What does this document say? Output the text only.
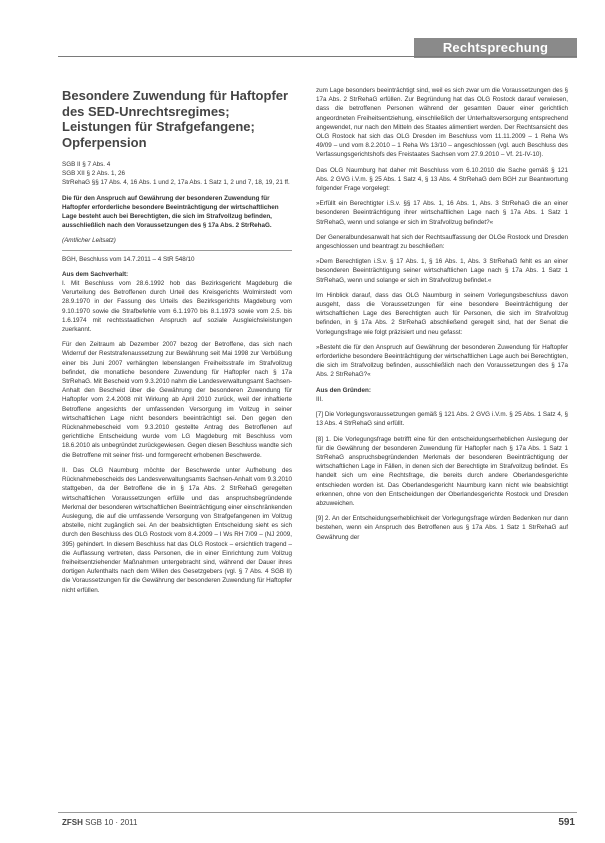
Rechtsprechung
Besondere Zuwendung für Haftopfer des SED-Unrechtsregimes; Leistungen für Strafgefangene; Opferpension

SGB II § 7 Abs. 4

SGB XII § 2 Abs. 1, 26

StrRehaG §§ 17 Abs. 4, 16 Abs. 1 und 2, 17a Abs. 1 Satz 1, 2 und 7, 18, 19, 21 ff.

Die für den Anspruch auf Gewährung der besonderen Zuwendung für Haftopfer erforderliche besondere Beeinträchtigung der wirtschaftlichen Lage besteht auch bei Berechtigten, die sich im Strafvollzug befinden, ausschließlich nach den Voraussetzungen des § 17a Abs. 2 StrRehaG.

(Amtlicher Leitsatz)

BGH, Beschluss vom 14.7.2011 – 4 StR 548/10

Aus dem Sachverhalt:

I. Mit Beschluss vom 28.6.1992 hob das Bezirksgericht Magdeburg die Verurteilung des Betroffenen durch Urteil des Kreisgerichts Wolmirstedt vom 28.9.1970 in der Fassung des Urteils des Bezirksgerichts Magdeburg vom 9.10.1970 sowie die Strafbefehle vom 6.1.1970 bis 8.1.1973 sowie vom 2.5. bis 1.6.1974 mit rechtsstaatlichen Anspruch auf soziale Ausgleichsleistungen zuerkannt.

Für den Zeitraum ab Dezember 2007 bezog der Betroffene, das sich nach Widerruf der Reststrafenaussetzung zur Bewährung seit Mai 1998 zur Verbüßung einer bis Juni 2007 verhängten lebenslangen Freiheitsstrafe im Strafvollzug befindet, die monatliche besondere Zuwendung für Haftopfer nach § 17a StrRehaG. Mit Bescheid vom 9.3.2010 nahm die Landesverwaltungsamt Sachsen-Anhalt den Bescheid über die Gewährung der besonderen Zuwendung für Haftopfer vom 2.4.2008 mit Wirkung ab April 2010 zurück, weil der inhaftierte Betroffene angesichts der umfassenden Versorgung im Vollzug in seiner wirtschaftlichen Lage nicht besonders beeinträchtigt sei. Den gegen den Rücknahmebescheid vom 9.3.2010 gestellte Antrag des Betroffenen auf gerichtliche Entscheidung wurde vom LG Magdeburg mit Beschluss vom 18.6.2010 als unbegründet zurückgewiesen. Gegen diesen Beschluss wandte sich die Betroffene mit seiner frist- und formgerecht erhobenen Beschwerde.

II. Das OLG Naumburg möchte der Beschwerde unter Aufhebung des Rücknahmebescheids des Landesverwaltungsamts Sachsen-Anhalt vom 9.3.2010 stattgeben, da der Betroffene die in § 17a Abs. 2 StrRehaG geregelten wirtschaftlichen Voraussetzungen erfülle und das anspruchsbegründende Merkmal der besonderen wirtschaftlichen Beeinträchtigung einer einschränkenden Auslegung, die auf die umfassende Versorgung von Strafgefangenen im Vollzug abstelle, nicht zugänglich sei. An der beabsichtigten Entscheidung sieht es sich durch den Beschluss des OLG Rostock vom 8.4.2009 – I Ws RH 7/09 – (NJ 2009, 395) gehindert. In diesem Beschluss hat das OLG Rostock – ersichtlich tragend – die Auffassung vertreten, dass Personen, die in einer Einrichtung zum Vollzug freiheitsentziehender Maßnahmen untergebracht sind, während der Dauer ihres dortigen Aufenthalts nach dem Willen des Gesetzgebers (vgl. § 7 Abs. 4 SGB II) die Voraussetzungen für die Gewährung der besonderen Zuwendung für Haftopfer nicht erfüllen.

zum Lage besonders beeinträchtigt sind, weil es sich zwar um die Voraussetzungen des § 17a Abs. 2 StrRehaG erfüllen. Zur Begründung hat das OLG Rostock darauf verwiesen, dass die betroffenen Personen während der gesamten Dauer einer gerichtlich angeordneten Freiheitsentziehung, einschließlich der Unterhaltsversorgung entsprechend angewendet, nur nach den Mitteln des Staates alimentiert werden. Der Rechtsansicht des OLG Rostock hat sich das OLG Dresden im Beschluss vom 11.11.2009 – 1 Reha Ws 49/09 – und vom 8.2.2010 – 1 Reha Ws 13/10 – angeschlossen (vgl. auch Beschluss des Verfassungsgerichtshofs des Freistaates Sachsen vom 27.9.2010 – Vf. 21-IV-10).

Das OLG Naumburg hat daher mit Beschluss vom 6.10.2010 die Sache gemäß § 121 Abs. 2 GVG i.V.m. § 25 Abs. 1 Satz 4, § 13 Abs. 4 StrRehaG dem BGH zur Beantwortung folgender Frage vorgelegt:

»Erfüllt ein Berechtigter i.S.v. §§ 17 Abs. 1, 16 Abs. 1, Abs. 3 StrRehaG die an einer besonderen Beeinträchtigung ihrer wirtschaftlichen Lage nach § 17a Abs. 1 Satz 1 StrRehaG, wenn und solange er sich im Strafvollzug befindet?«

Der Generalbundesanwalt hat sich der Rechtsauffassung der OLGe Rostock und Dresden angeschlossen und beantragt zu beschließen:

»Dem Berechtigten i.S.v. § 17 Abs. 1, § 16 Abs. 1, Abs. 3 StrRehaG fehlt es an einer besonderen Beeinträchtigung seiner wirtschaftlichen Lage nach § 17a Abs. 1 Satz 1 StrRehaG, wenn und solange er sich im Strafvollzug befindet.«

Im Hinblick darauf, dass das OLG Naumburg in seinem Vorlegungsbeschluss davon ausgeht, dass die Voraussetzungen für eine besondere Beeinträchtigung der wirtschaftlichen Lage des Berechtigten auch für Personen, die sich im Strafvollzug befinden, in § 17a Abs. 2 StrRehaG abschließend geregelt sind, hat der Senat die Vorlegungsfrage wie folgt präzisiert und neu gefasst:

»Besteht die für den Anspruch auf Gewährung der besonderen Zuwendung für Haftopfer erforderliche besondere Beeinträchtigung der wirtschaftlichen Lage auch bei Berechtigten, die sich im Strafvollzug befinden, ausschließlich nach den Voraussetzungen des § 17a Abs. 2 StrRehaG?«

Aus den Gründen:

III.

[7] Die Vorlegungsvoraussetzungen gemäß § 121 Abs. 2 GVG i.V.m. § 25 Abs. 1 Satz 4, § 13 Abs. 4 StrRehaG sind erfüllt.

[8] 1. Die Vorlegungsfrage betrifft eine für den entscheidungserheblichen Auslegung der für die Gewährung der besonderen Zuwendung für Haftopfer nach § 17a Abs. 1 Satz 1 StrRehaG anspruchsbegründenden Merkmals der besonderen Beeinträchtigung der wirtschaftlichen Lage in Fällen, in denen sich der Berechtigte im Strafvollzug befindet. Es handelt sich um eine Rechtsfrage, die bereits durch andere Oberlandesgerichte entschieden worden ist. Das Oberlandesgericht Naumburg kann nicht wie beabsichtigt erkennen, ohne von den Entscheidungen der Oberlandesgerichte Rostock und Dresden abzuweichen.

[9] 2. An der Entscheidungserheblichkeit der Vorlegungsfrage würden Bedenken nur dann bestehen, wenn ein Anspruch des Betroffenen aus § 17a Abs. 1 Satz 1 StrRehaG auf Gewährung der

ZFSH SGB 10 · 2011	591
